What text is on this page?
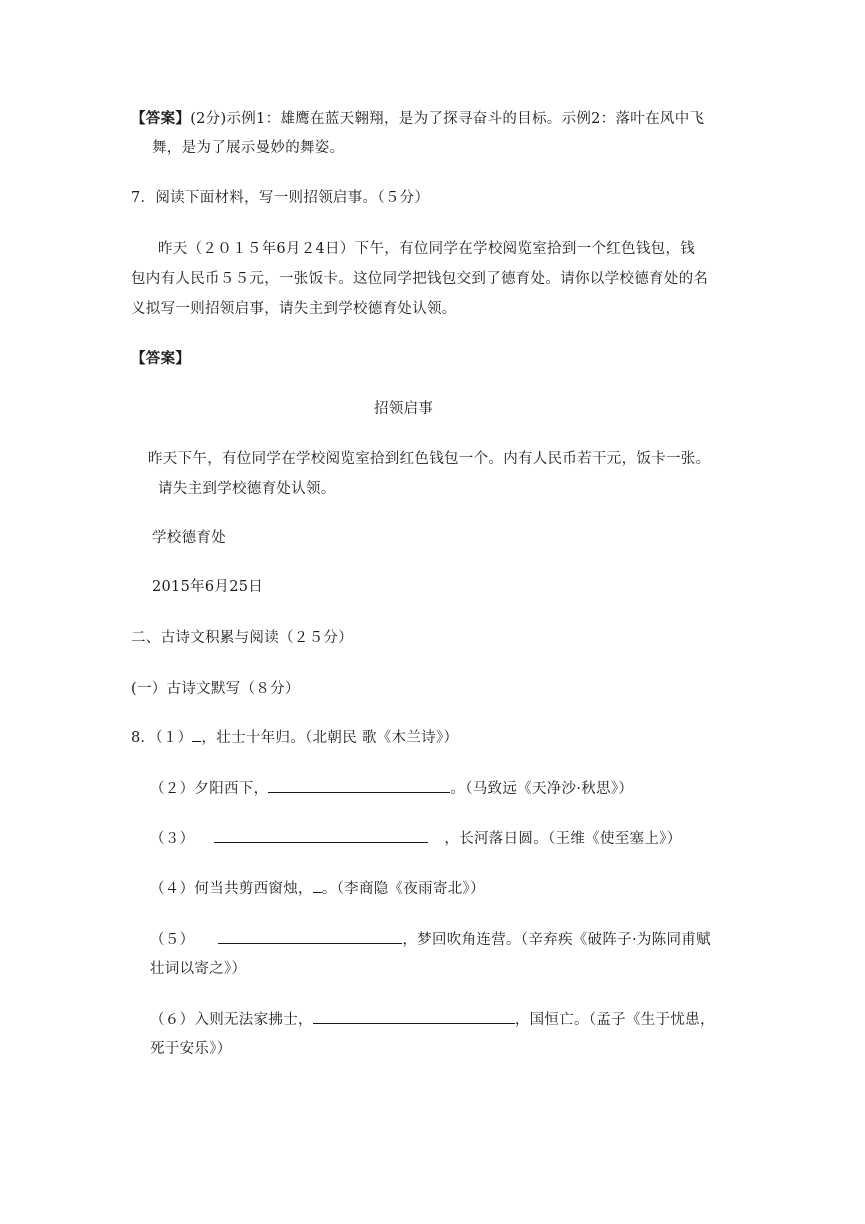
【答案】(2分)示例1：雄鹰在蓝天翱翔，是为了探寻奋斗的目标。示例2：落叶在风中飞
舞，是为了展示曼妙的舞姿。
7．阅读下面材料，写一则招领启事。（５分）
昨天（２０１５年6月２4日）下午，有位同学在学校阅览室拾到一个红色钱包，钱
包内有人民币５５元，一张饭卡。这位同学把钱包交到了德育处。请你以学校德育处的名
义拟写一则招领启事，请失主到学校德育处认领。
【答案】
招领启事
昨天下午，有位同学在学校阅览室拾到红色钱包一个。内有人民币若干元，饭卡一张。
请失主到学校德育处认领。
学校德育处
2015年6月25日
二、古诗文积累与阅读（２５分）
(一）古诗文默写（８分）
8．（１） ，壮士十年归。（北朝民 歌《木兰诗》）
（２）夕阳西下，	。（马致远《天净沙·秋思》）
（３）	，长河落日圆。（王维《使至塞上》）
（４）何当共剪西窗烛， 。（李商隐《夜雨寄北》）
（５）	，梦回吹角连营。（辛弃疾《破阵子·为陈同甫赋
壮词以寄之》）
（６）入则无法家拂士，	，国恒亡。（孟子《生于忧患，
死于安乐》）
